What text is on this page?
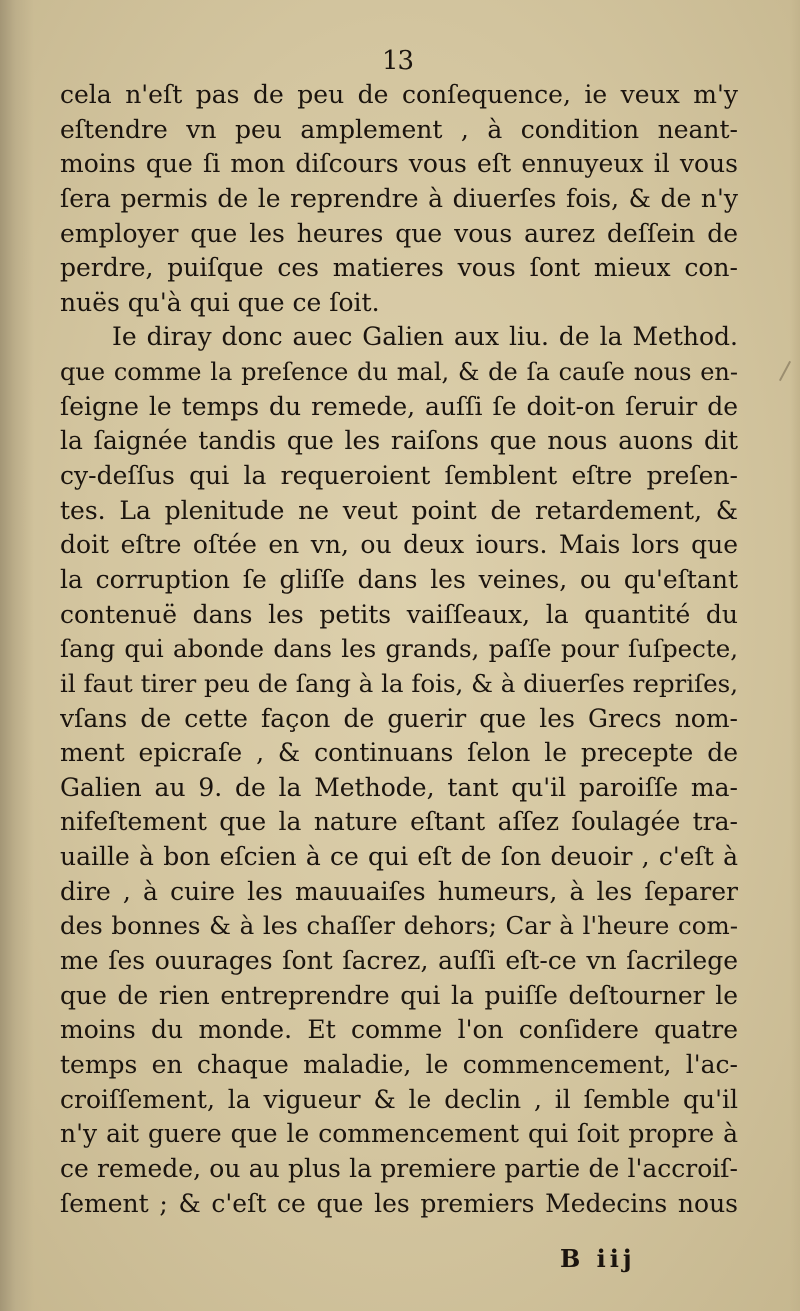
13
cela n'eſt pas de peu de conſequence, ie veux m'y
eſtendre vn peu amplement , à condition neant-
moins que ſi mon diſcours vous eſt ennuyeux il vous
ſera permis de le reprendre à diuerſes fois, & de n'y
employer que les heures que vous aurez deſſein de
perdre, puiſque ces matieres vous ſont mieux con-
nuës qu'à qui que ce ſoit.
Ie diray donc auec Galien aux liu. de la Method.
que comme la preſence du mal, & de ſa cauſe nous en-
ſeigne le temps du remede, auſſi ſe doit-on ſeruir de
la ſaignée tandis que les raiſons que nous auons dit
cy-deſſus qui la requeroient ſemblent eſtre preſen-
tes. La plenitude ne veut point de retardement, &
doit eſtre oſtée en vn, ou deux iours. Mais lors que
la corruption ſe gliſſe dans les veines, ou qu'eſtant
contenuë dans les petits vaiſſeaux, la quantité du
ſang qui abonde dans les grands, paſſe pour ſuſpecte,
il faut tirer peu de ſang à la fois, & à diuerſes repriſes,
vſans de cette façon de guerir que les Grecs nom-
ment epicraſe , & continuans ſelon le precepte de
Galien au 9. de la Methode, tant qu'il paroiſſe ma-
nifeſtement que la nature eſtant aſſez ſoulagée tra-
uaille à bon eſcien à ce qui eſt de ſon deuoir , c'eſt à
dire , à cuire les mauuaiſes humeurs, à les ſeparer
des bonnes & à les chaſſer dehors; Car à l'heure com-
me ſes ouurages ſont ſacrez, auſſi eſt-ce vn ſacrilege
que de rien entreprendre qui la puiſſe deſtourner le
moins du monde. Et comme l'on conſidere quatre
temps en chaque maladie, le commencement, l'ac-
croiſſement, la vigueur & le declin , il ſemble qu'il
n'y ait guere que le commencement qui ſoit propre à
ce remede, ou au plus la premiere partie de l'accroiſ-
ſement ; & c'eſt ce que les premiers Medecins nous
B iij
